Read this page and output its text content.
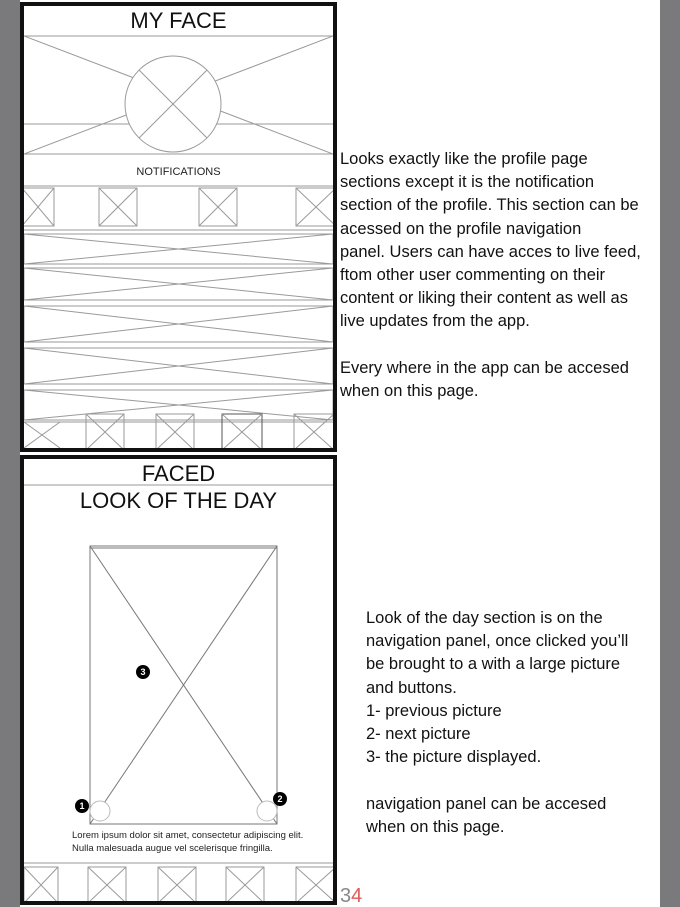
MY FACE
NOTIFICATIONS
FACED
LOOK OF THE DAY
1
2
3
Lorem ipsum dolor sit amet, consectetur adipiscing elit. Nulla malesuada augue vel scelerisque fringilla.

Looks exactly like the profile page

sections except it is the notification

section of the profile. This section can be

acessed on the profile navigation

panel. Users can have acces to live feed,

ftom other user commenting on their

content or liking their content as well as

live updates from the app.

Every where in the app can be accesed

when on this page.

Look of the day section is on the

navigation panel, once clicked you’ll

be brought to a with a large picture

and buttons.

1- previous picture

2- next picture

3- the picture displayed.

navigation panel can be accesed

when on this page.

34
